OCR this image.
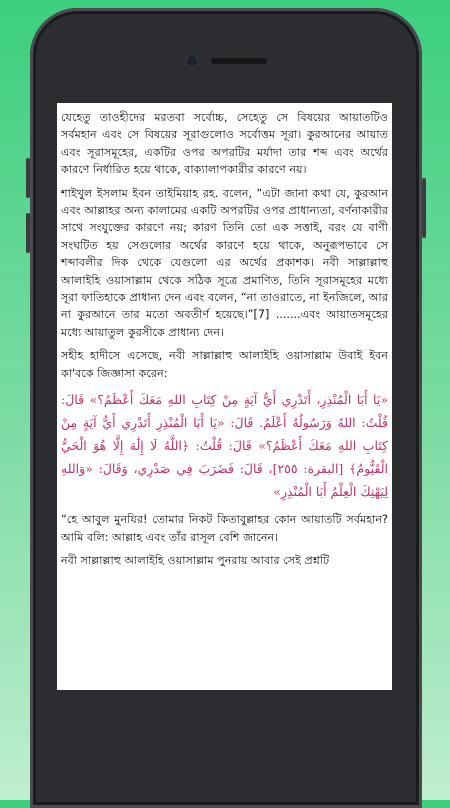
যেহেতু তাওহীদের মরতবা সর্বোচ্চ, সেহেতু সে বিষয়ের আয়াতটিও সর্বমহান এবং সে বিষয়ের সূরাগুলোও সর্বোত্তম সূরা। কুরআনের আয়াত এবং সূরাসমূহের, একটির ওপর অপরটির মর্যাদা তার শব্দ এবং অর্থের কারণে নির্ধারিত হয়ে থাকে, বাক্যালাপকারীর কারণে নয়।

শাইখুল ইসলাম ইবন তাইমিয়াহ রহ. বলেন, “এটা জানা কথা যে, কুরআন এবং আল্লাহর অন্য কালামের একটি অপরটির ওপর প্রাধান্যতা, বর্ণনাকারীর সাথে সংযুক্তের কারণে নয়; কারণ তিনি তো এক সত্তাই, বরং যে বাণী সংঘটিত হয় সেগুলোর অর্থের কারণে হয়ে থাকে, অনুরূপভাবে সে শব্দাবলীর দিক থেকে যেগুলো এর অর্থের প্রকাশক। নবী সাল্লাল্লাহু আলাইহি ওয়াসাল্লাম থেকে সঠিক সূত্রে প্রমাণিত, তিনি সূরাসমূহের মধ্যে সূরা ফাতিহাকে প্রাধান্য দেন এবং বলেন, “না তাওরাতে, না ইনজিলে, আর না কুরআনে তার মতো অবতীর্ণ হয়েছে।”[7] .......এবং আয়াতসমূহের মধ্যে আয়াতুল কুরসীকে প্রাধান্য দেন।

সহীহ হাদীসে এসেছে, নবী সাল্লাল্লাহু আলাইহি ওয়াসাল্লাম উবাই ইবন কা'বকে জিজ্ঞাসা করেন:

«يَا أَبَا الْمُنْذِرِ، أَتَدْرِي أَيُّ آيَةٍ مِنْ كِتَابِ اللهِ مَعَكَ أَعْظَمُ؟» قَالَ: قُلْتُ: اللهُ وَرَسُولُهُ أَعْلَمُ. قَالَ: «يَا أَبَا الْمُنْذِرِ أَتَدْرِي أَيُّ آيَةٍ مِنْ كِتَابِ اللهِ مَعَكَ أَعْظَمُ؟» قَالَ: قُلْتُ: ﴿اللَّهُ لَا إِلَٰهَ إِلَّا هُوَ الْحَيُّ الْقَيُّومُ﴾ [البقرة: ٢٥٥]، قَالَ: فَضَرَبَ فِي صَدْرِي، وَقَالَ: «وَاللهِ لِيَهْنِكَ الْعِلْمُ أَبَا الْمُنْذِرِ»

“হে আবুল মুনযির! তোমার নিকট কিতাবুল্লাহর কোন আয়াতটি সর্বমহান? আমি বলি: আল্লাহ এবং তাঁর রাসূল বেশি জানেন।

নবী সাল্লাল্লাহু আলাইহি ওয়াসাল্লাম পুনরায় আবার সেই প্রশ্নটি
